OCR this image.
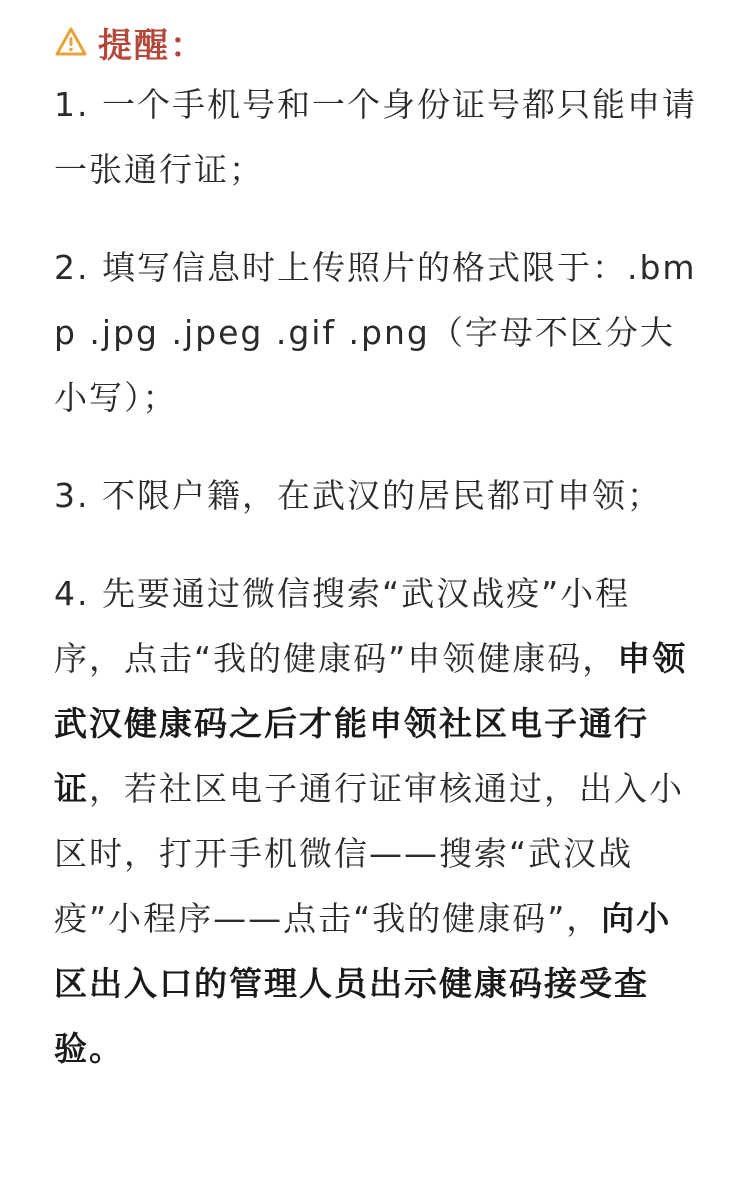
提醒：

1. 一个手机号和一个身份证号都只能申请一张通行证；

2. 填写信息时上传照片的格式限于：.bmp .jpg .jpeg .gif .png（字母不区分大小写）；

3. 不限户籍，在武汉的居民都可申领；

4. 先要通过微信搜索“武汉战疫”小程序，点击“我的健康码”申领健康码，申领武汉健康码之后才能申领社区电子通行证，若社区电子通行证审核通过，出入小区时，打开手机微信——搜索“武汉战疫”小程序——点击“我的健康码”，向小区出入口的管理人员出示健康码接受查验。
